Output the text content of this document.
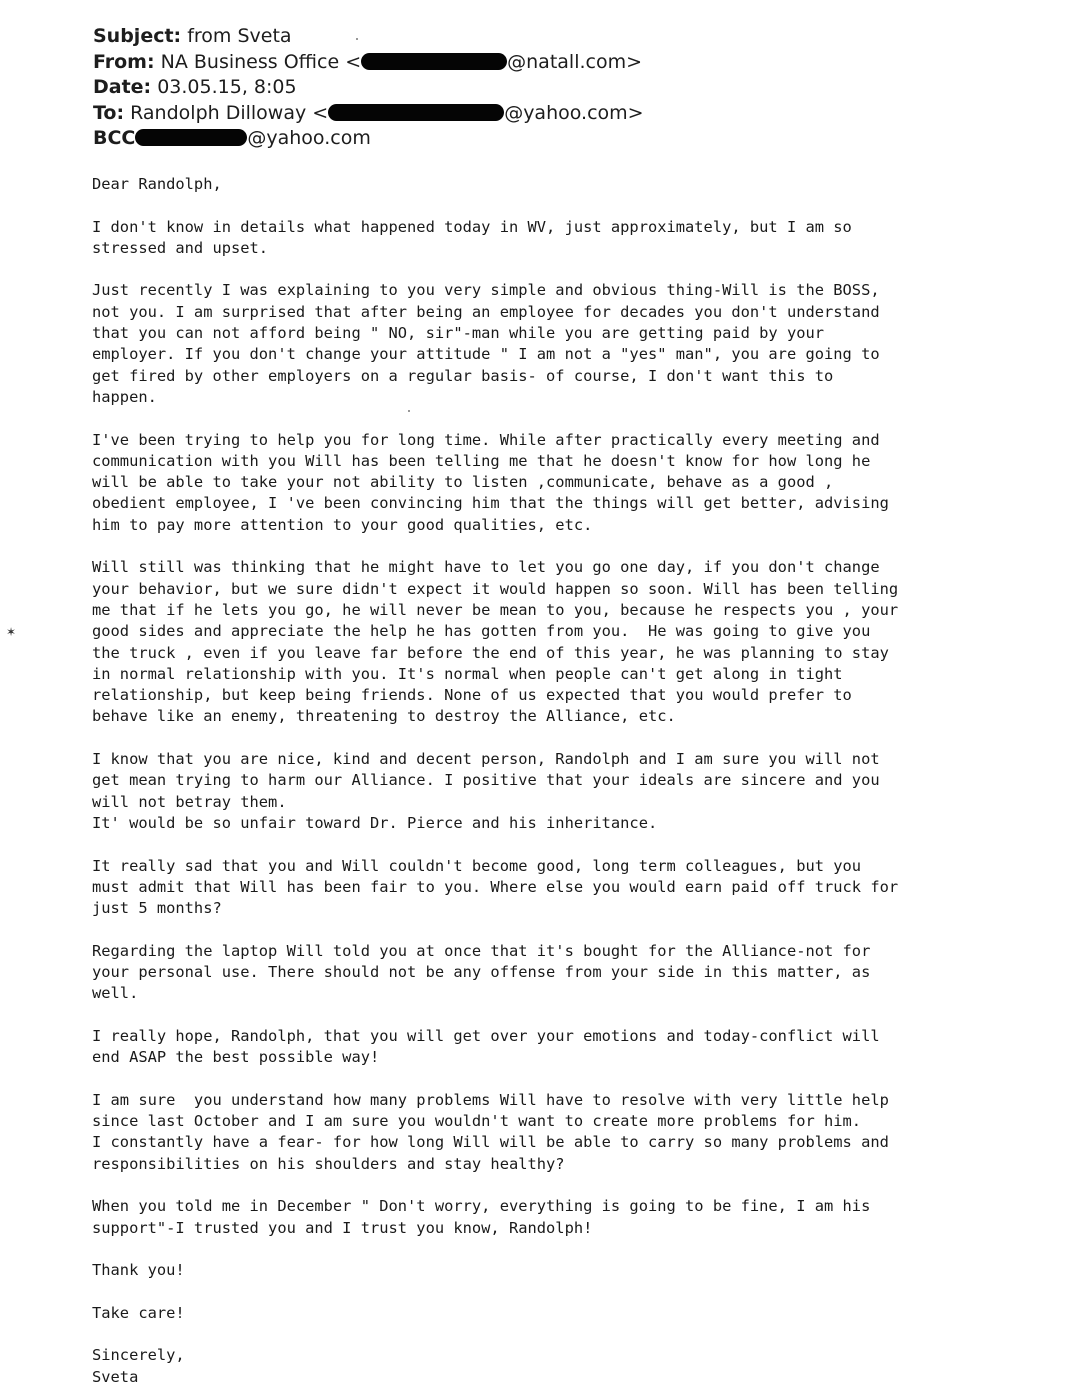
Subject: from Sveta
From: NA Business Office <	@natall.com>
Date: 03.05.15, 8:05
To: Randolph Dilloway <	@yahoo.com>
BCC	@yahoo.com
Dear Randolph,
I don't know in details what happened today in WV, just approximately, but I am so
stressed and upset.
Just recently I was explaining to you very simple and obvious thing-Will is the BOSS,
not you. I am surprised that after being an employee for decades you don't understand
that you can not afford being " NO, sir"-man while you are getting paid by your
employer. If you don't change your attitude " I am not a "yes" man", you are going to
get fired by other employers on a regular basis- of course, I don't want this to
happen.
I've been trying to help you for long time. While after practically every meeting and
communication with you Will has been telling me that he doesn't know for how long he
will be able to take your not ability to listen ,communicate, behave as a good ,
obedient employee, I 've been convincing him that the things will get better, advising
him to pay more attention to your good qualities, etc.
Will still was thinking that he might have to let you go one day, if you don't change
your behavior, but we sure didn't expect it would happen so soon. Will has been telling
me that if he lets you go, he will never be mean to you, because he respects you , your
good sides and appreciate the help he has gotten from you.  He was going to give you
the truck , even if you leave far before the end of this year, he was planning to stay
in normal relationship with you. It's normal when people can't get along in tight
relationship, but keep being friends. None of us expected that you would prefer to
behave like an enemy, threatening to destroy the Alliance, etc.
I know that you are nice, kind and decent person, Randolph and I am sure you will not
get mean trying to harm our Alliance. I positive that your ideals are sincere and you
will not betray them.
It' would be so unfair toward Dr. Pierce and his inheritance.
It really sad that you and Will couldn't become good, long term colleagues, but you
must admit that Will has been fair to you. Where else you would earn paid off truck for
just 5 months?
Regarding the laptop Will told you at once that it's bought for the Alliance-not for
your personal use. There should not be any offense from your side in this matter, as
well.
I really hope, Randolph, that you will get over your emotions and today-conflict will
end ASAP the best possible way!
I am sure  you understand how many problems Will have to resolve with very little help
since last October and I am sure you wouldn't want to create more problems for him.
I constantly have a fear- for how long Will will be able to carry so many problems and
responsibilities on his shoulders and stay healthy?
When you told me in December " Don't worry, everything is going to be fine, I am his
support"-I trusted you and I trust you know, Randolph!
Thank you!
Take care!
Sincerely,
Sveta
✶
